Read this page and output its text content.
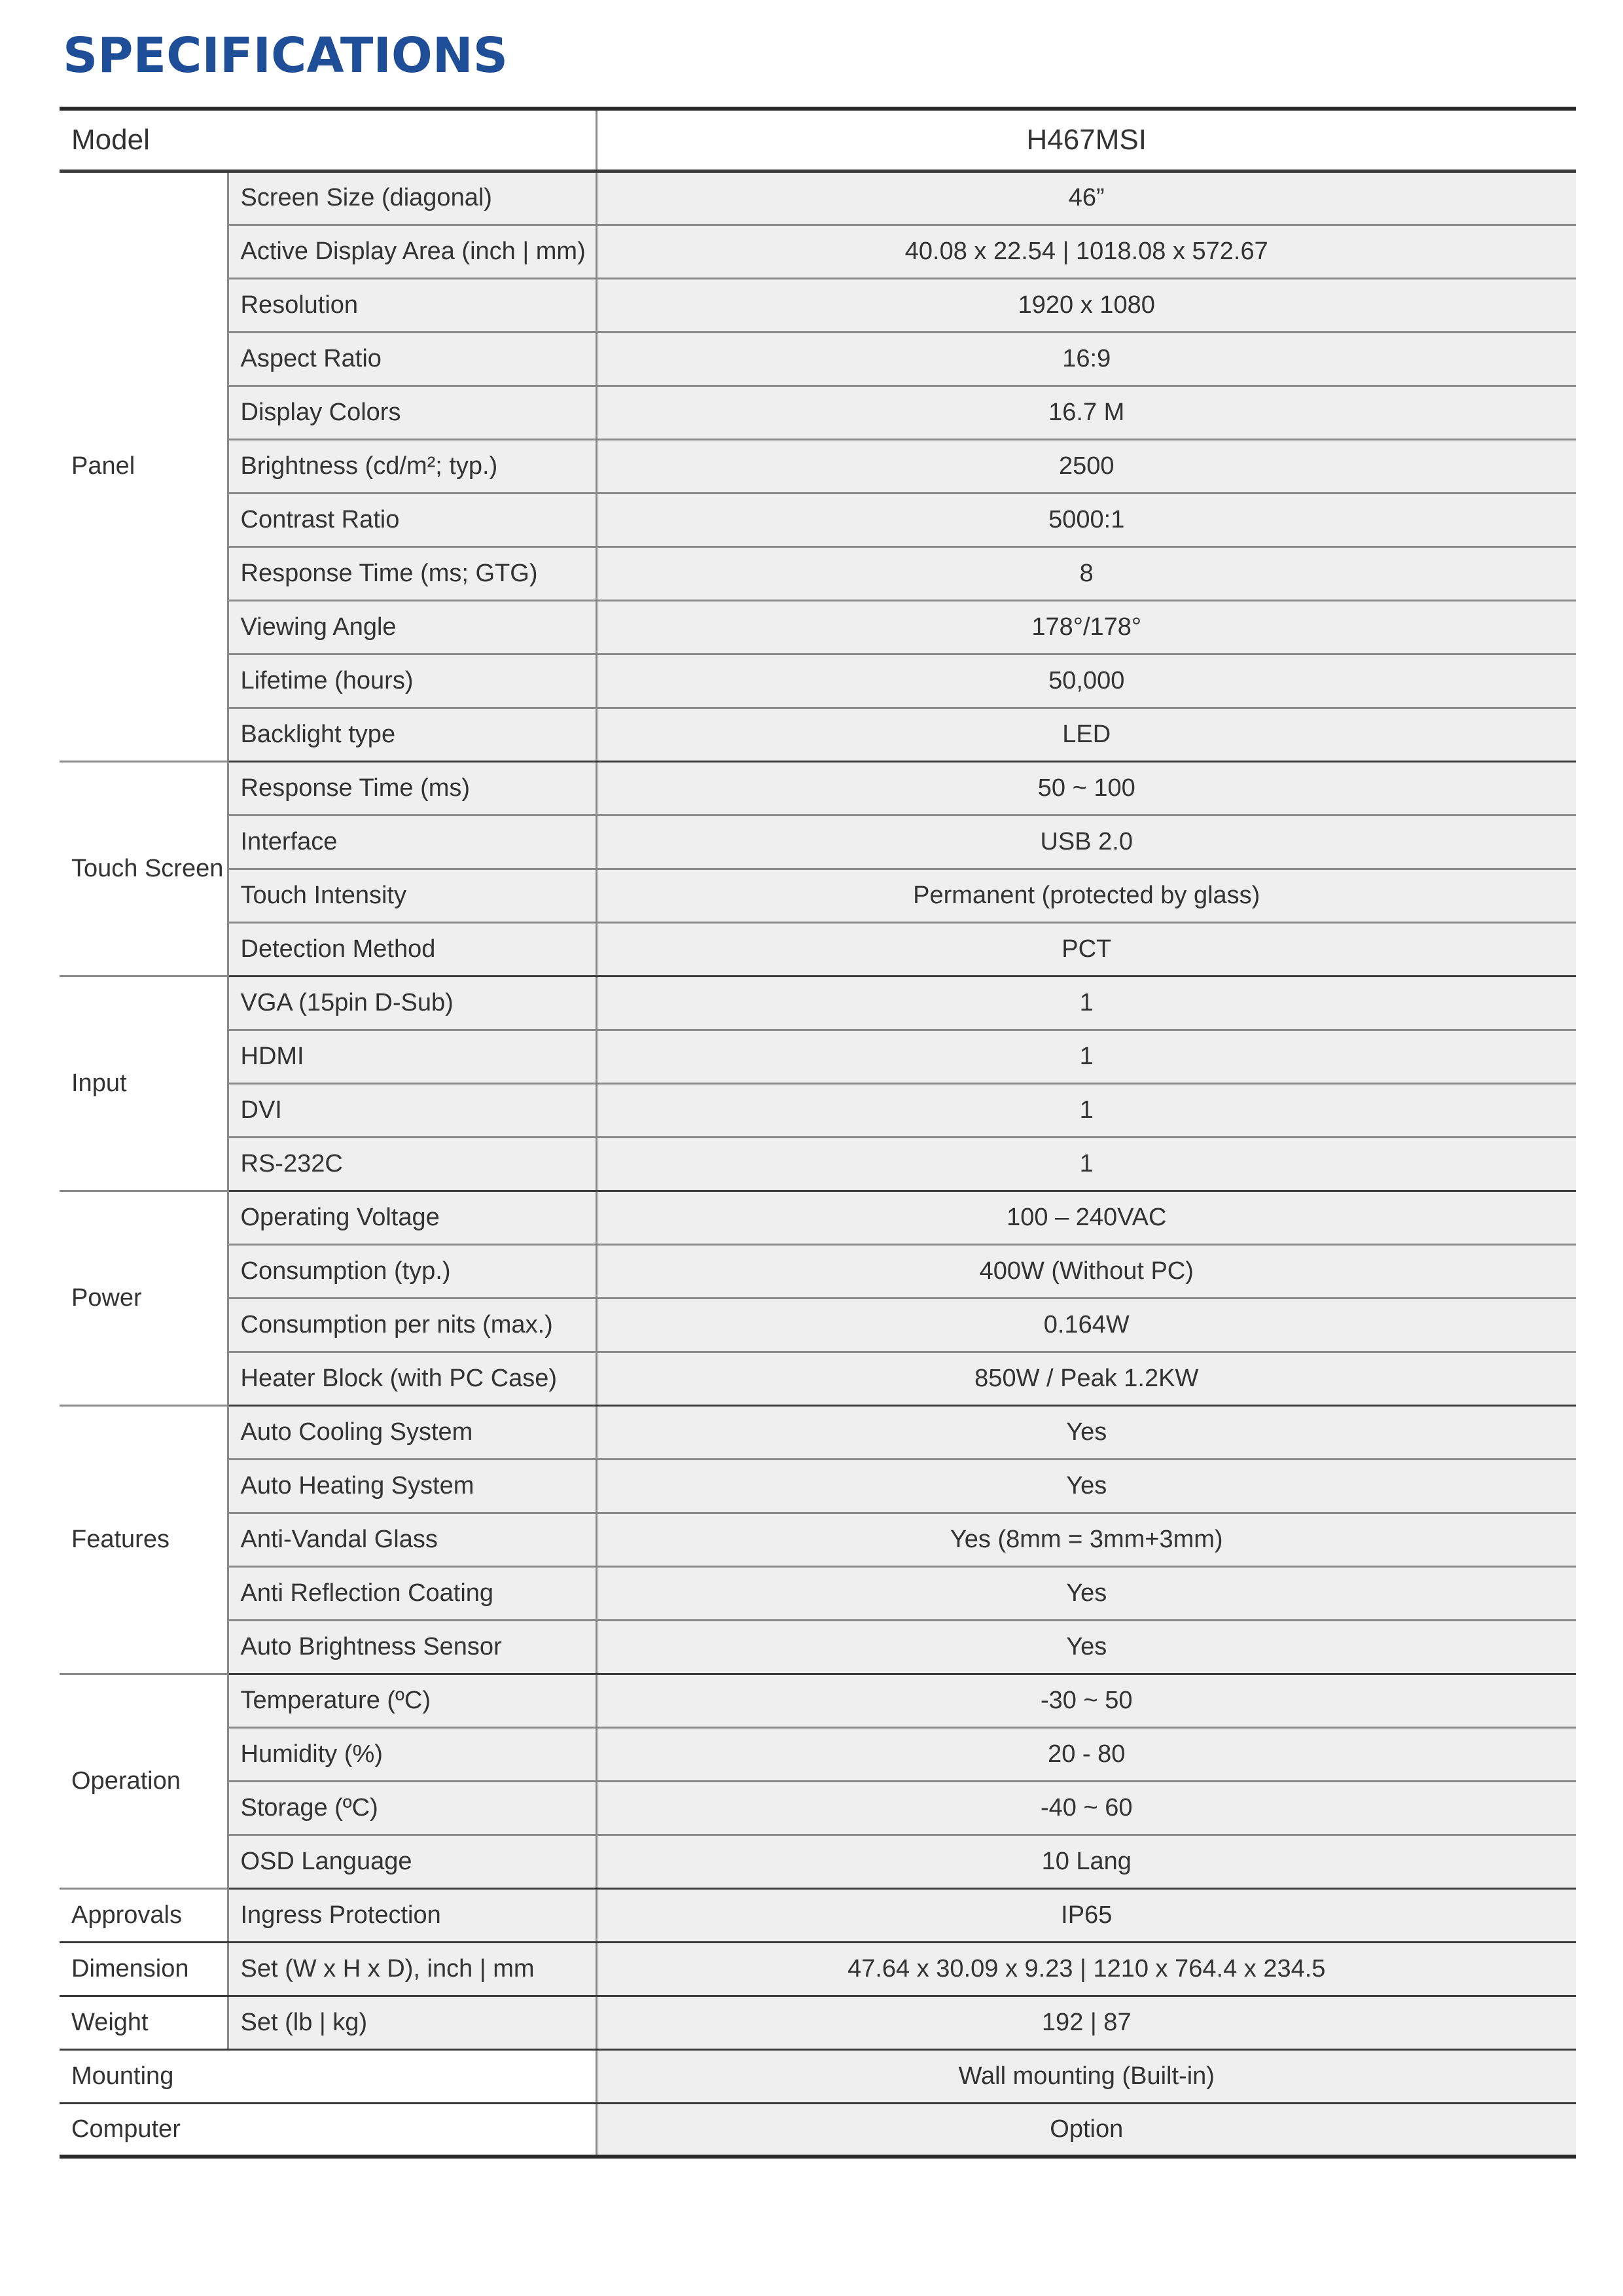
SPECIFICATIONS
Model		H467MSI
Panel	Screen Size (diagonal)	46”
	Active Display Area (inch | mm)	40.08 x 22.54 | 1018.08 x 572.67
	Resolution	1920 x 1080
	Aspect Ratio	16:9
	Display Colors	16.7 M
	Brightness (cd/m²; typ.)	2500
	Contrast Ratio	5000:1
	Response Time (ms; GTG)	8
	Viewing Angle	178°/178°
	Lifetime (hours)	50,000
	Backlight type	LED
Touch Screen	Response Time (ms)	50 ~ 100
	Interface	USB 2.0
	Touch Intensity	Permanent (protected by glass)
	Detection Method	PCT
Input	VGA (15pin D-Sub)	1
	HDMI	1
	DVI	1
	RS-232C	1
Power	Operating Voltage	100 – 240VAC
	Consumption (typ.)	400W (Without PC)
	Consumption per nits (max.)	0.164W
	Heater Block (with PC Case)	850W / Peak 1.2KW
Features	Auto Cooling System	Yes
	Auto Heating System	Yes
	Anti-Vandal Glass	Yes (8mm = 3mm+3mm)
	Anti Reflection Coating	Yes
	Auto Brightness Sensor	Yes
Operation	Temperature (ºC)	-30 ~ 50
	Humidity (%)	20 - 80
	Storage (ºC)	-40 ~ 60
	OSD Language	10 Lang
Approvals	Ingress Protection	IP65
Dimension	Set (W x H x D), inch | mm	47.64 x 30.09 x 9.23 | 1210 x 764.4 x 234.5
Weight	Set (lb | kg)	192 | 87
Mounting		Wall mounting (Built-in)
Computer		Option
